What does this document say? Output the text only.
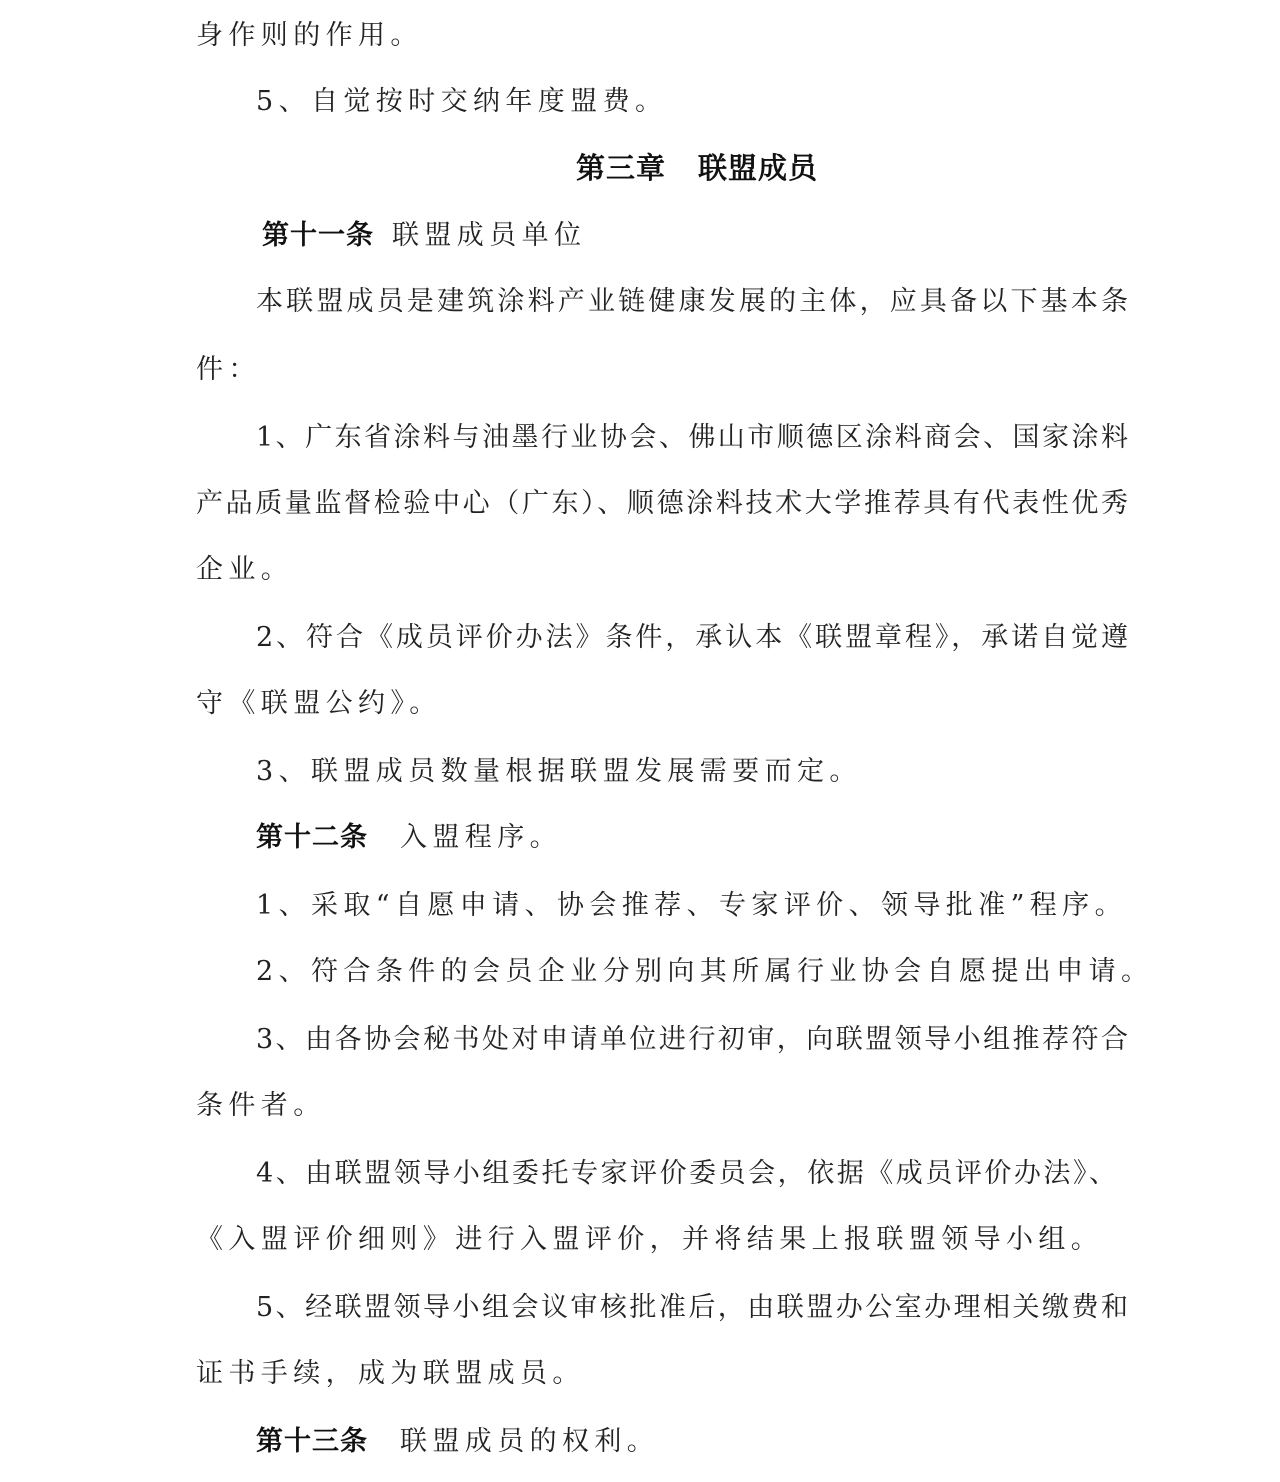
身作则的作用。
5、自觉按时交纳年度盟费。
第三章 联盟成员
第十一条 联盟成员单位
本联盟成员是建筑涂料产业链健康发展的主体，应具备以下基本条
件：
1、广东省涂料与油墨行业协会、佛山市顺德区涂料商会、国家涂料
产品质量监督检验中心（广东）、顺德涂料技术大学推荐具有代表性优秀
企业。
2、符合《成员评价办法》条件，承认本《联盟章程》，承诺自觉遵
守《联盟公约》。
3、联盟成员数量根据联盟发展需要而定。
第十二条 入盟程序。
1、采取“自愿申请、协会推荐、专家评价、领导批准”程序。
2、符合条件的会员企业分别向其所属行业协会自愿提出申请。
3、由各协会秘书处对申请单位进行初审，向联盟领导小组推荐符合
条件者。
4、由联盟领导小组委托专家评价委员会，依据《成员评价办法》、
《入盟评价细则》进行入盟评价，并将结果上报联盟领导小组。
5、经联盟领导小组会议审核批准后，由联盟办公室办理相关缴费和
证书手续，成为联盟成员。
第十三条 联盟成员的权利。
